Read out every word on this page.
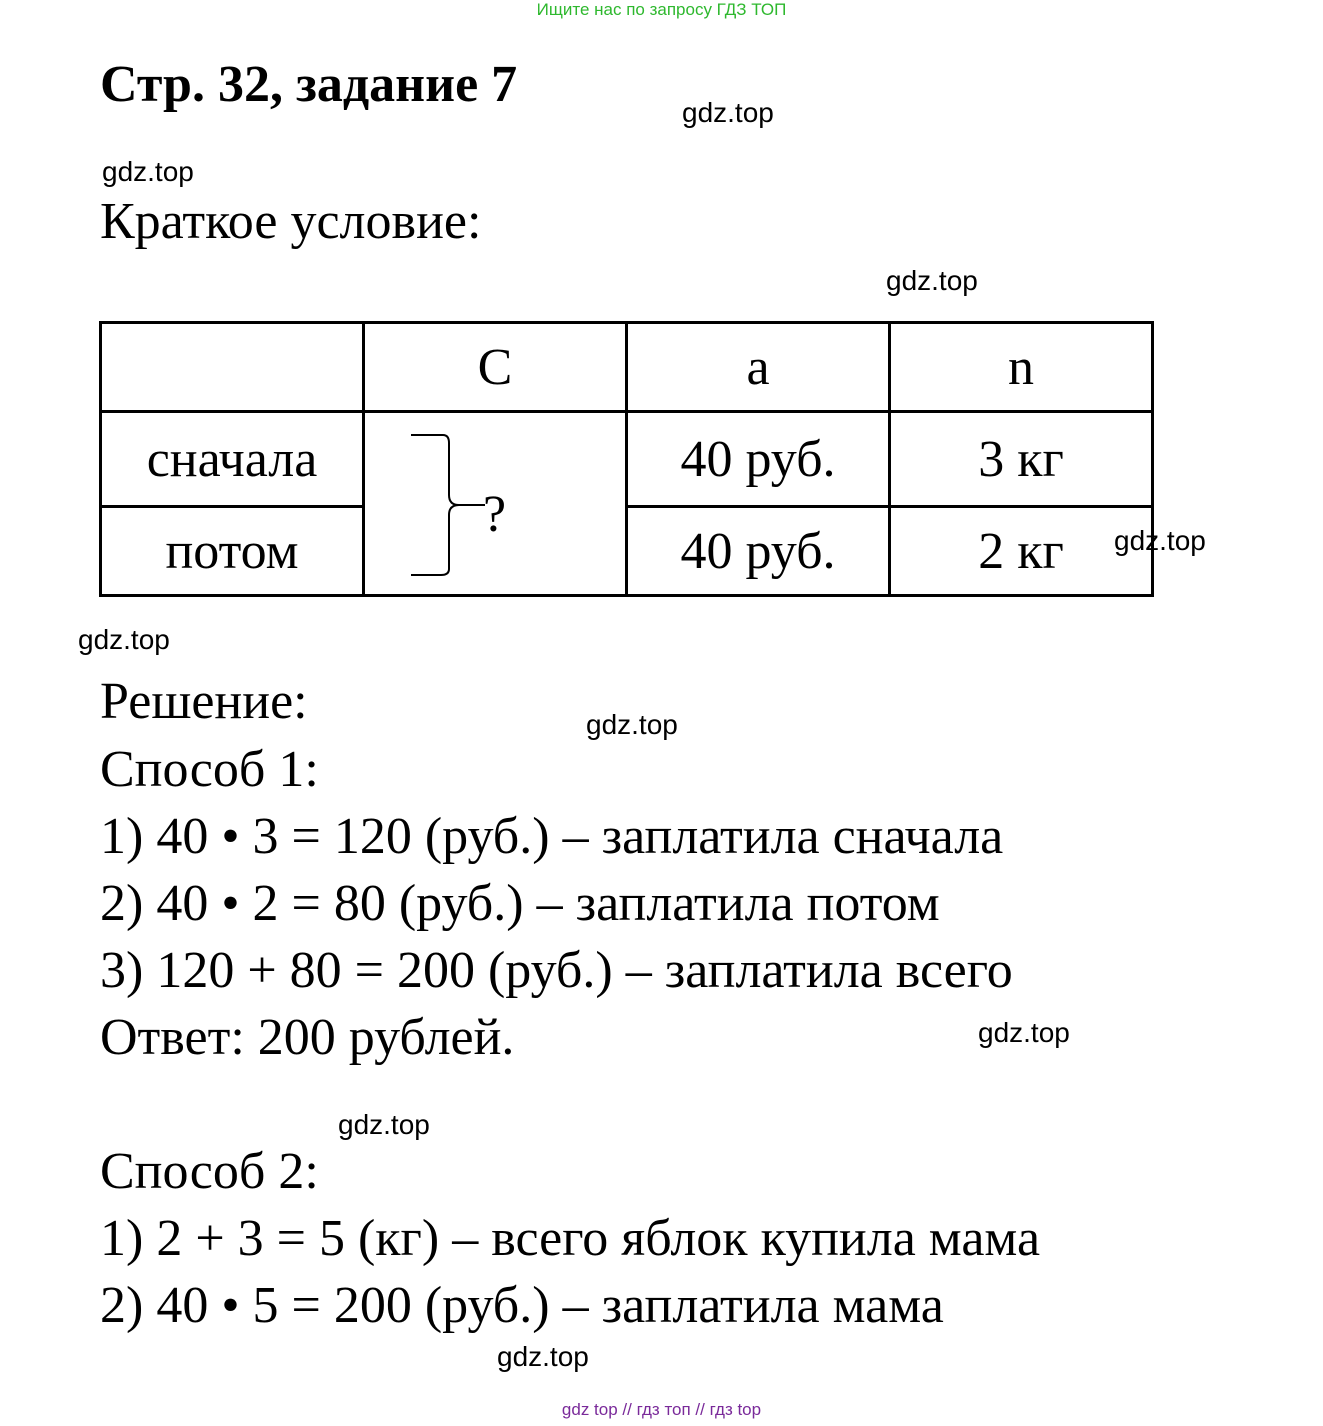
Ищите нас по запросу ГДЗ ТОП
Стр. 32, задание 7	gdz.top
gdz.top
Краткое условие:
gdz.top
	C	a	n
сначала	?	40 руб.	3 кг
потом		40 руб.	2 кг gdz.top
gdz.top
Решение:	gdz.top
Способ 1:
1) 40 • 3 = 120 (руб.) – заплатила сначала
2) 40 • 2 = 80 (руб.) – заплатила потом
3) 120 + 80 = 200 (руб.) – заплатила всего
Ответ: 200 рублей.	gdz.top
gdz.top
Способ 2:
1) 2 + 3 = 5 (кг) – всего яблок купила мама
2) 40 • 5 = 200 (руб.) – заплатила мама
gdz.top
gdz top // гдз топ // гдз top
